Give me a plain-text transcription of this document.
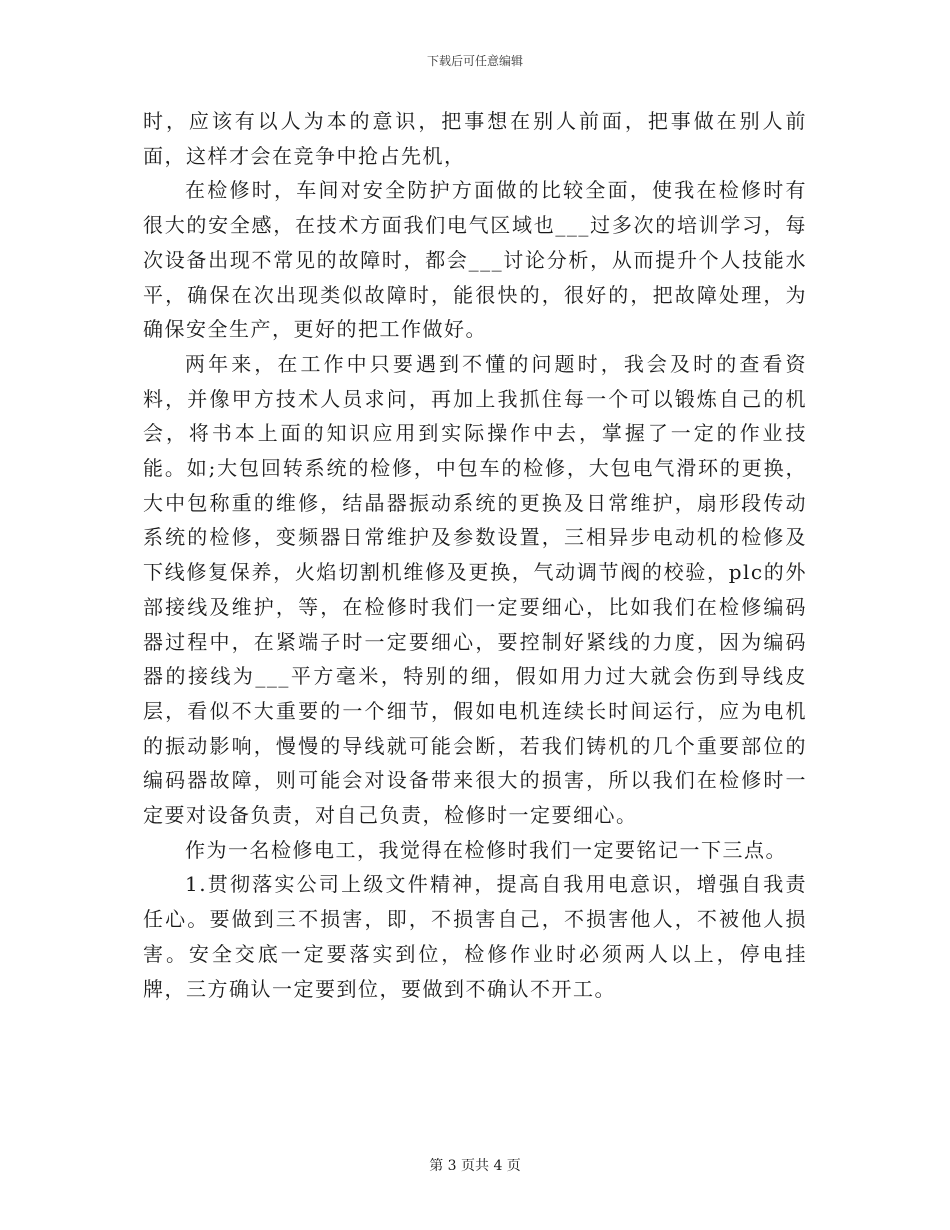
下载后可任意编辑

时，应该有以人为本的意识，把事想在别人前面，把事做在别人前面，这样才会在竞争中抢占先机，

在检修时，车间对安全防护方面做的比较全面，使我在检修时有很大的安全感，在技术方面我们电气区域也___过多次的培训学习，每次设备出现不常见的故障时，都会___讨论分析，从而提升个人技能水平，确保在次出现类似故障时，能很快的，很好的，把故障处理，为确保安全生产，更好的把工作做好。

两年来，在工作中只要遇到不懂的问题时，我会及时的查看资料，并像甲方技术人员求问，再加上我抓住每一个可以锻炼自己的机会，将书本上面的知识应用到实际操作中去，掌握了一定的作业技能。如;大包回转系统的检修，中包车的检修，大包电气滑环的更换，大中包称重的维修，结晶器振动系统的更换及日常维护，扇形段传动系统的检修，变频器日常维护及参数设置，三相异步电动机的检修及下线修复保养，火焰切割机维修及更换，气动调节阀的校验，plc的外部接线及维护，等，在检修时我们一定要细心，比如我们在检修编码器过程中，在紧端子时一定要细心，要控制好紧线的力度，因为编码器的接线为___平方毫米，特别的细，假如用力过大就会伤到导线皮层，看似不大重要的一个细节，假如电机连续长时间运行，应为电机的振动影响，慢慢的导线就可能会断，若我们铸机的几个重要部位的编码器故障，则可能会对设备带来很大的损害，所以我们在检修时一定要对设备负责，对自己负责，检修时一定要细心。

作为一名检修电工，我觉得在检修时我们一定要铭记一下三点。

1.贯彻落实公司上级文件精神，提高自我用电意识，增强自我责任心。要做到三不损害，即，不损害自己，不损害他人，不被他人损害。安全交底一定要落实到位，检修作业时必须两人以上，停电挂牌，三方确认一定要到位，要做到不确认不开工。

第 3 页共 4 页
